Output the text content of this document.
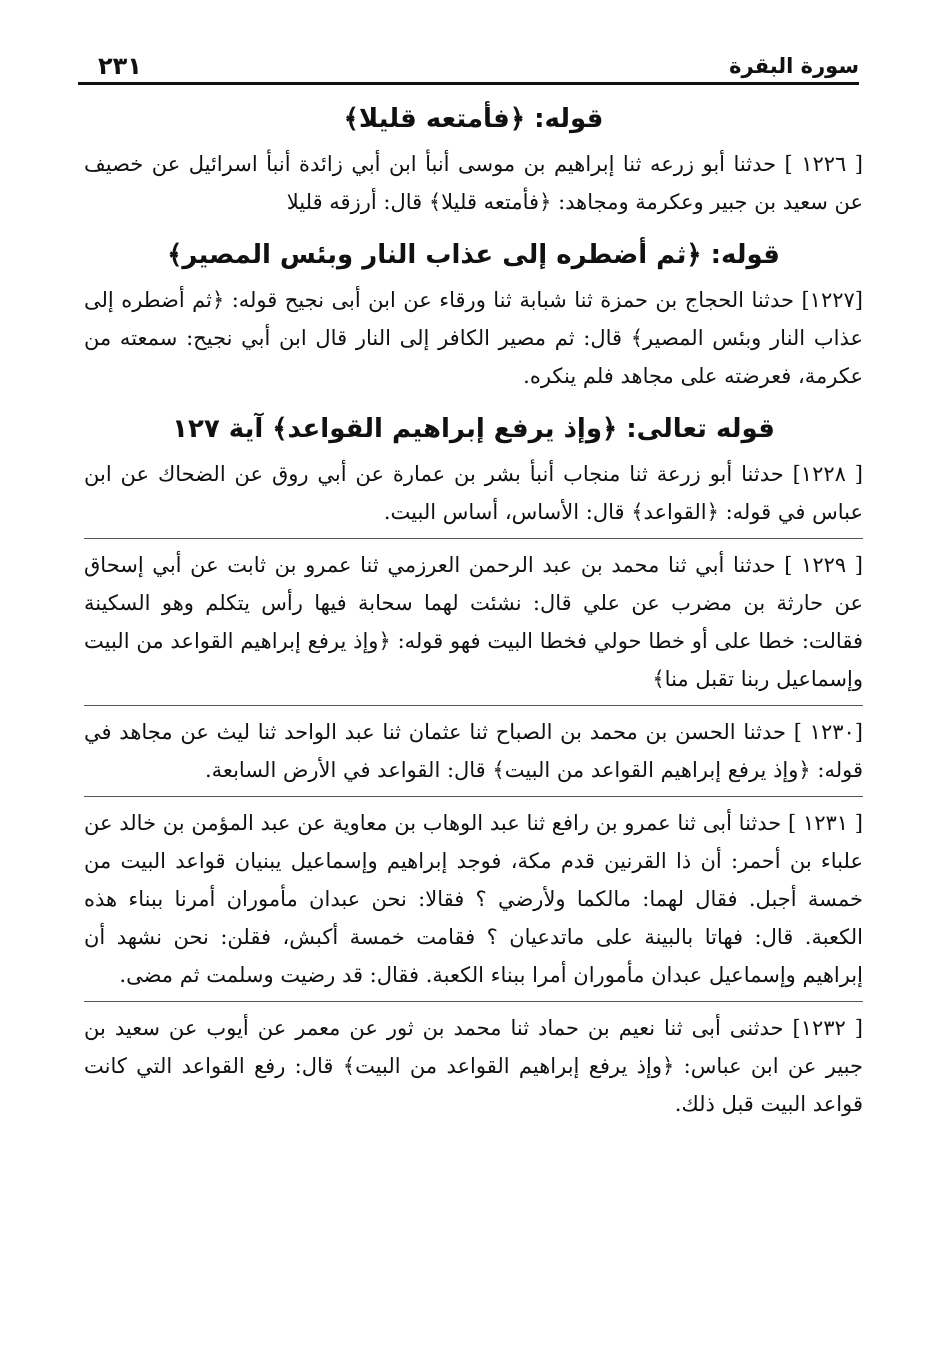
سورة البقرة
٢٣١
قوله: ﴿فأمتعه قليلا﴾

[ ١٢٢٦ ] حدثنا أبو زرعه ثنا إبراهيم بن موسى أنبأ ابن أبي زائدة أنبأ اسرائيل عن خصيف عن سعيد بن جبير وعكرمة ومجاهد: ﴿فأمتعه قليلا﴾ قال: أرزقه قليلا

قوله: ﴿ثم أضطره إلى عذاب النار وبئس المصير﴾

[١٢٢٧] حدثنا الحجاج بن حمزة ثنا شبابة ثنا ورقاء عن ابن أبى نجيح قوله: ﴿ثم أضطره إلى عذاب النار وبئس المصير﴾ قال: ثم مصير الكافر إلى النار قال ابن أبي نجيح: سمعته من عكرمة، فعرضته على مجاهد فلم ينكره.

قوله تعالى: ﴿وإذ يرفع إبراهيم القواعد﴾ آية ١٢٧

[ ١٢٢٨] حدثنا أبو زرعة ثنا منجاب أنبأ بشر بن عمارة عن أبي روق عن الضحاك عن ابن عباس في قوله: ﴿القواعد﴾ قال: الأساس، أساس البيت.

[ ١٢٢٩ ] حدثنا أبي ثنا محمد بن عبد الرحمن العرزمي ثنا عمرو بن ثابت عن أبي إسحاق عن حارثة بن مضرب عن علي قال: نشئت لهما سحابة فيها رأس يتكلم وهو السكينة فقالت: خطا على أو خطا حولي فخطا البيت فهو قوله: ﴿وإذ يرفع إبراهيم القواعد من البيت وإسماعيل ربنا تقبل منا﴾

[١٢٣٠ ] حدثنا الحسن بن محمد بن الصباح ثنا عثمان ثنا عبد الواحد ثنا ليث عن مجاهد في قوله: ﴿وإذ يرفع إبراهيم القواعد من البيت﴾ قال: القواعد في الأرض السابعة.

[ ١٢٣١ ] حدثنا أبى ثنا عمرو بن رافع ثنا عبد الوهاب بن معاوية عن عبد المؤمن بن خالد عن علباء بن أحمر: أن ذا القرنين قدم مكة، فوجد إبراهيم وإسماعيل يبنيان قواعد البيت من خمسة أجبل. فقال لهما: مالكما ولأرضي ؟ فقالا: نحن عبدان مأموران أمرنا ببناء هذه الكعبة. قال: فهاتا بالبينة على ماتدعيان ؟ فقامت خمسة أكبش، فقلن: نحن نشهد أن إبراهيم وإسماعيل عبدان مأموران أمرا ببناء الكعبة. فقال: قد رضيت وسلمت ثم مضى.

[ ١٢٣٢] حدثنى أبى ثنا نعيم بن حماد ثنا محمد بن ثور عن معمر عن أيوب عن سعيد بن جبير عن ابن عباس: ﴿وإذ يرفع إبراهيم القواعد من البيت﴾ قال: رفع القواعد التي كانت قواعد البيت قبل ذلك.
